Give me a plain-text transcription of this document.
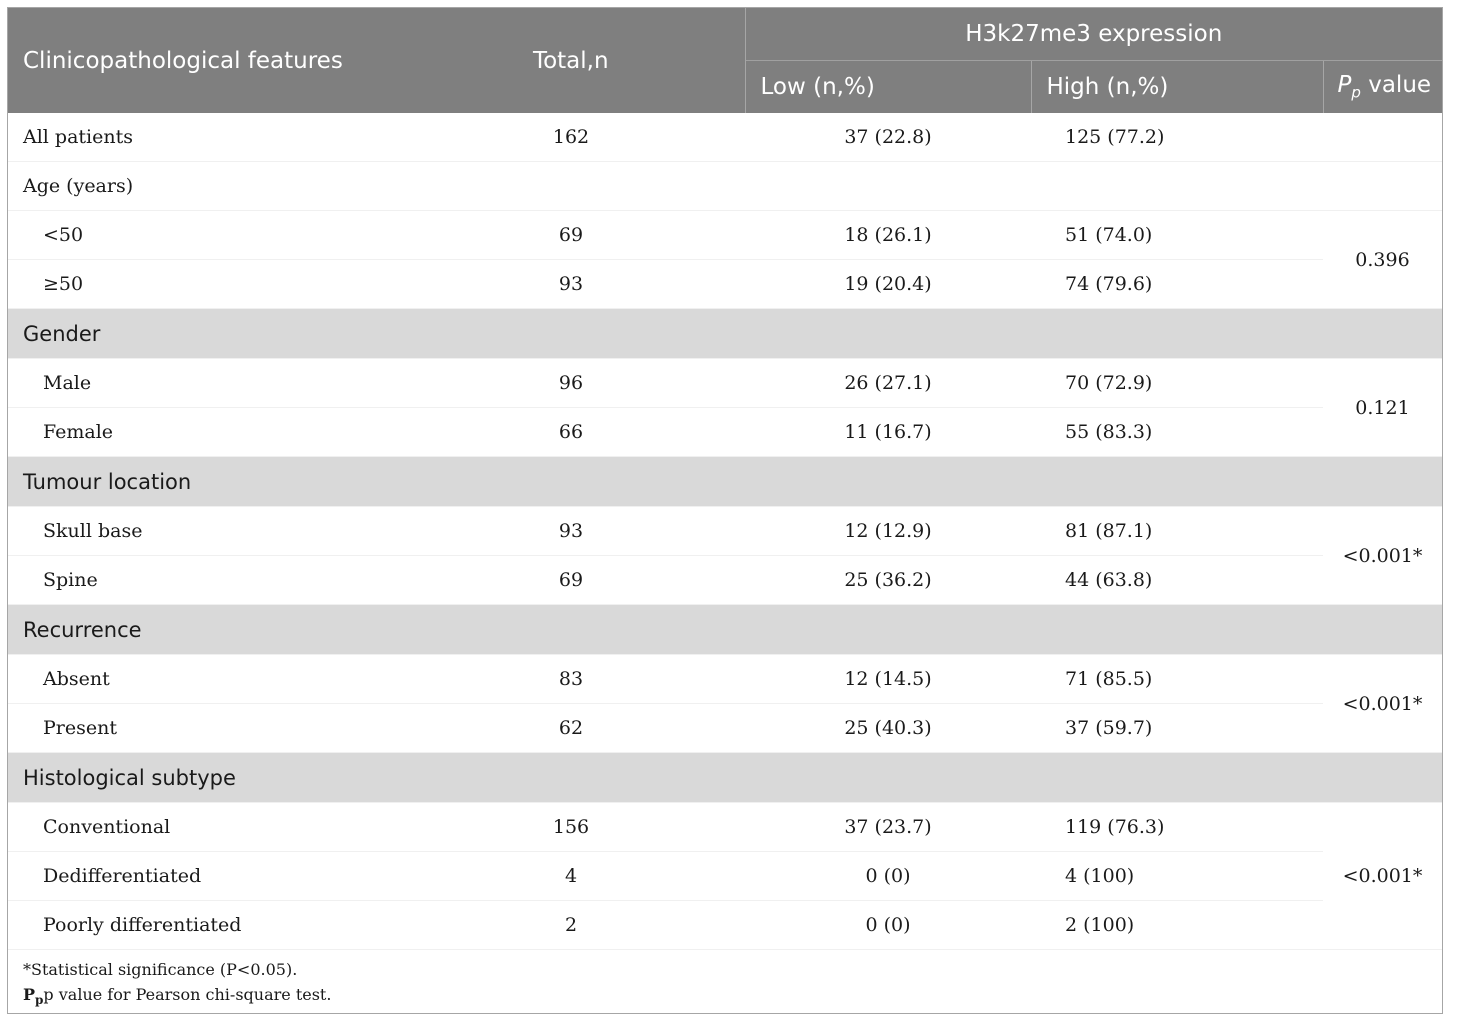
Clinicopathological features	Total,n	H3k27me3 expression		
		Low (n,%)	High (n,%)	$P_p$ value
All patients	162	37 (22.8)	125 (77.2)	
Age (years)				
<50	69	18 (26.1)	51 (74.0)	0.396
≥50	93	19 (20.4)	74 (79.6)	
Gender				
Male	96	26 (27.1)	70 (72.9)	0.121
Female	66	11 (16.7)	55 (83.3)	
Tumour location				
Skull base	93	12 (12.9)	81 (87.1)	<0.001*
Spine	69	25 (36.2)	44 (63.8)	
Recurrence				
Absent	83	12 (14.5)	71 (85.5)	<0.001*
Present	62	25 (40.3)	37 (59.7)	
Histological subtype				
Conventional	156	37 (23.7)	119 (76.3)	<0.001*
Dedifferentiated	4	0 (0)	4 (100)	
Poorly differentiated	2	0 (0)	2 (100)	
*Statistical significance (P<0.05).
$P_pp$ value for Pearson chi-square test.
